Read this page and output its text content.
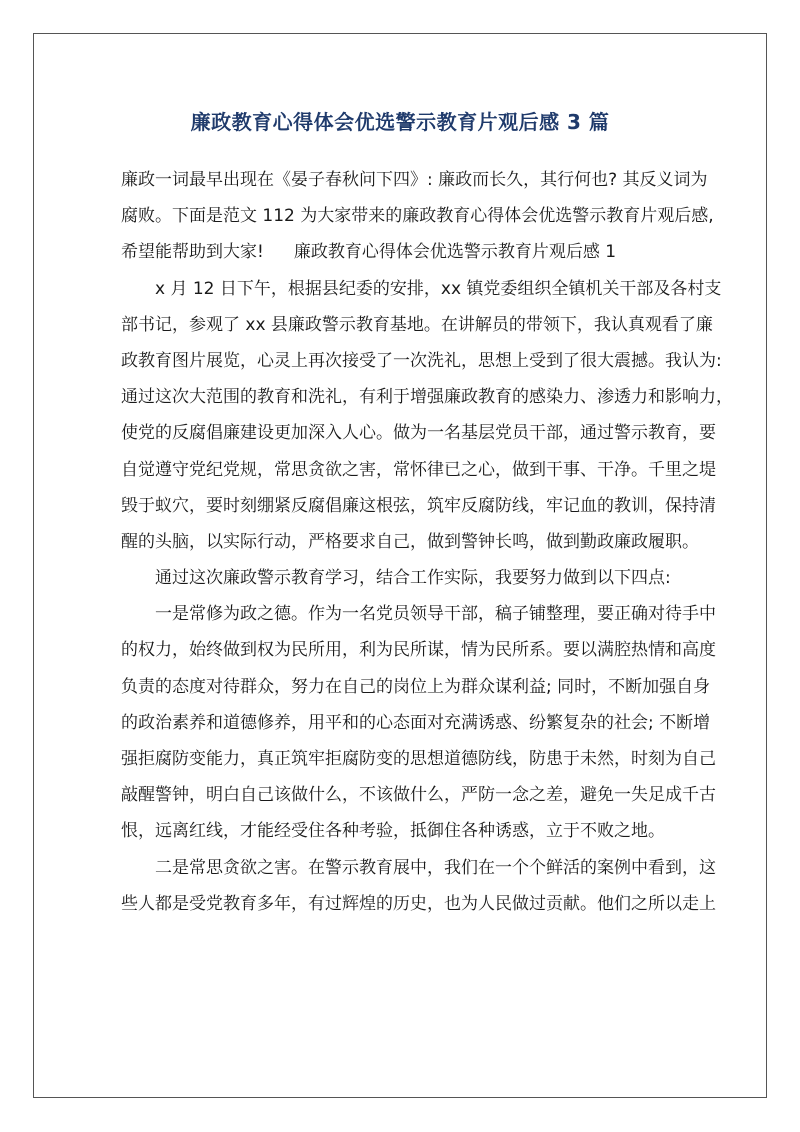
廉政教育心得体会优选警示教育片观后感 3 篇
廉政一词最早出现在《晏子春秋问下四》: 廉政而长久，其行何也? 其反义词为
腐败。下面是范文 112 为大家带来的廉政教育心得体会优选警示教育片观后感,
希望能帮助到大家! 廉政教育心得体会优选警示教育片观后感 1
x 月 12 日下午，根据县纪委的安排，xx 镇党委组织全镇机关干部及各村支
部书记，参观了 xx 县廉政警示教育基地。在讲解员的带领下，我认真观看了廉
政教育图片展览，心灵上再次接受了一次洗礼，思想上受到了很大震撼。我认为:
通过这次大范围的教育和洗礼，有利于增强廉政教育的感染力、渗透力和影响力，
使党的反腐倡廉建设更加深入人心。做为一名基层党员干部，通过警示教育，要
自觉遵守党纪党规，常思贪欲之害，常怀律已之心，做到干事、干净。千里之堤
毁于蚁穴，要时刻绷紧反腐倡廉这根弦，筑牢反腐防线，牢记血的教训，保持清
醒的头脑，以实际行动，严格要求自己，做到警钟长鸣，做到勤政廉政履职。
通过这次廉政警示教育学习，结合工作实际，我要努力做到以下四点:
一是常修为政之德。作为一名党员领导干部，稿子铺整理，要正确对待手中
的权力，始终做到权为民所用，利为民所谋，情为民所系。要以满腔热情和高度
负责的态度对待群众，努力在自己的岗位上为群众谋利益; 同时，不断加强自身
的政治素养和道德修养，用平和的心态面对充满诱惑、纷繁复杂的社会; 不断增
强拒腐防变能力，真正筑牢拒腐防变的思想道德防线，防患于未然，时刻为自己
敲醒警钟，明白自己该做什么，不该做什么，严防一念之差，避免一失足成千古
恨，远离红线，才能经受住各种考验，抵御住各种诱惑，立于不败之地。
二是常思贪欲之害。在警示教育展中，我们在一个个鲜活的案例中看到，这
些人都是受党教育多年，有过辉煌的历史，也为人民做过贡献。他们之所以走上
